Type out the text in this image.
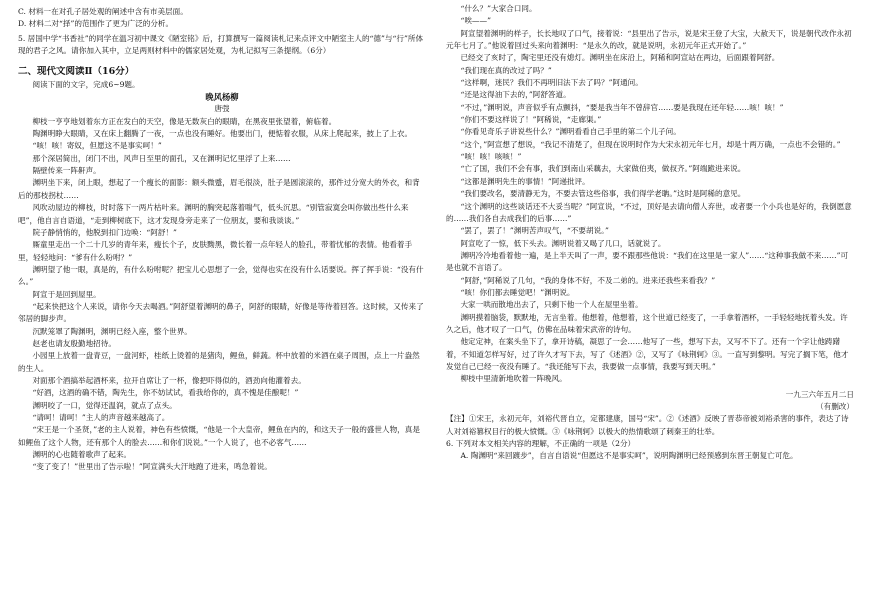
C. 材料一在对孔子居处观的阐述中含有市美层面。
D. 材料二对“择”的范围作了更为广泛的分析。
5. 居国中学“书香社”的同学在温习初中课文《陋室铭》后，打算撰写一篇阅读札记来点评文中陋室主人的“德”与“行”所体现的君子之风。请你加入其中，立足两则材料中的儒家居处观，为札记拟写三条提纲。（6分）
二、现代文阅读Ⅱ（16分）
阅读下面的文字，完成6~9题。
晚风杨柳
唐弢
柳枝一亨亨地划着东方正在发白的天空，像是无数灰白的眼睛，在黑夜里张望着，俯临着。
陶渊明睁大眼睛，又在床上翻腾了一夜，一点也没有睡好。他要出门，便惦着衣服，从床上爬起来，披上了上衣。
“咳！咳！寄奴，但愿这不是事实呵！”
那个深居简出，闭门不出，风声日至里的面孔，又在渊明记忆里浮了上来……
隔壁传来一阵鼾声。
渊明坐下来，闭上眼，想起了一个瘦长的面影：额头微蹙，眉毛很淡，肚子是圆滚滚的，那件过分宽大的外衣，和背后的那枝拐杖……
风吹动屋边的柳枝，时时落下一两片枯叶来。渊明的胸突起落着喘气，低头沉思。“别管寂寞会叫你做出些什么来吧”，他自言自语道，“走到柳树底下，这才发现身旁走来了一位朋友，要和我谈谈。”
院子静悄悄的，他脱到扣门边唤：“阿舒！”
厮童里走出一个二十几岁的青年来，瘦长个子，皮肤黝黑，微长着一点年轻人的脸孔，带着忧郁的表情。他看着手里，轻轻地问：“爹有什么吩咐？”
渊明望了他一眼，真是的，有什么吩咐呢？把宝儿心思想了一会，觉得也实在没有什么话要说。挥了挥手说：“没有什么。”
阿宣于是回到屋里。
“起来快把这个人来说，请你今天去喝酒。”阿舒望着渊明的鼻子，阿舒的眼睛，好像是等待着回答。这时候，又传来了邻居的脚步声。
沉默笼罩了陶渊明，渊明已经入座，整个世界。
赵老也请友殷勤地招待。
小园里上放着一盘青豆，一盘河虾，桂纸上烫着的是猪肉，鲤鱼，鲜蔬。杯中放着的米酒在桌子周围，点上一片盎然的生人。
对面那个酒搞举起酒杯来，拉开自席让了一杯，像把吓得似的，酒劲向他灌着去。
“好酒，这酒的确不错，陶先生，你不妨试试，看我给你的，真不愧是佳酿呢！”
渊明咬了一口，觉得还温润，就点了点头。
“请呵！请呵！”主人的声音越来越高了。
“宋王是一个圣贤，”老的主人说着，神色有些愤慨，“他是一个大皇帝，鲤鱼在内的，和这天子一般的盛世人物，真是如鲤鱼了这个人物，还有那个人的脸去……和你们说说。”一个人说了，也不必客气……
渊明的心也随着歌声了起来。
“变了变了！”世里出了告示啦！”阿宣满头大汗地跑了进来，鸣急着说。
“什么？”大家合口同。
“唉——”
阿宣望着渊明的样子，长长地叹了口气，接着说：“县里出了告示，说是宋王登了大宝，大赦天下，说是朝代改作永初元年七月了。”他说着回过头来向着渊明：“是永久的改，就是说明，永初元年正式开始了。”
已经交了亥时了，陶宅里还没有熄灯。渊明坐在床沿上，阿稀和阿宣站在两边，后面跟着阿舒。
“我们现在真的改过了吗？”
“这样啊，迷民？我们不再明旧法下去了吗？”阿通问。
“还是这得油下去的，”阿舒答道。
“不过，”渊明说，声音似乎有点颤抖，“要是我当年不曾辞官……要是我现在还年轻……咳！咳！”
“你们不要这样说了！”阿稀说，“走廊渠。”
“你看见奇乐子讲说些什么？”渊明看看自己手里的第二个儿子问。
“这个，”阿宣想了想说，“我记不清楚了，但现在说明时作为大宋永初元年七月，却是十两万确，一点也不会错的。”
“咳！咳！咳咳！”
“亡了国，我们不会有事，我们到南山采藕去，大家做伯夷，做叔齐。”阿端跪进来说。
“这都是渊明先生的事情！”阿递批评。
“我们要改名，要清静无为，不要去管这些俗事，我们得学老聃。”这时是阿稀的意见。
“这个渊明的这些谈话还不大妥当呢？”阿宣说，“不过，顶好是去请向僧人弃世，或者要一个小兵也是好的，我倒愿意的……我们各自去成我们的后事……”
“罢了，罢了！”渊明苦声叹气，“不要胡说。”
阿宣吃了一惊，低下头去。渊明说着又喝了几口，话就说了。
渊明冷冷地看着他一遍，是上半天叫了一声，要不跟那些他说：“我们在这里是一家人”……“这种事我做不来……”可是也就不言语了。
“阿舒，”阿稀说了几句，“我的身体不好，不及二弟的。进来还我些来看我？”
“咳！你们都去睡觉吧！”渊明说。
大家一哄而散地出去了，只剩下他一个人在屋里坐着。
渊明摸着脑袋，默默地，无言坐着。他想着，他想着，这个世道已经变了，一手拿着酒杯，一手轻轻地抚着头发。许久之后，他才叹了一口气，仿佛在品味着宋武帝的诗句。
他定定神，在案头坐下了，拿开诗稿，凝思了一会……他写了一些，想写下去，又写不下了。还有一个字让他踌躇着，不知道怎样写好，过了许久才写下去，写了《述酒》②，又写了《咏荆轲》③。一直写到黎明。写完了搁下笔，他才发觉自己已经一夜没有睡了。“我还能写下去，我要做一点事情，我要写到天明。”
柳枝中里清新地吹着一阵晚风。
一九三六年五月二日
（有删改）
【注】①宋王，永初元年，刘裕代晋自立，定都建康，国号“宋”。②《述酒》反映了晋恭帝被刘裕杀害的事件，表达了诗人对刘裕篡权目行的极大愤慨。③《咏荆轲》以极大的热情歌颂了刺秦王的壮举。
6. 下列对本文相关内容的理解，不正确的一项是（2分）
A. 陶渊明“来回踱步”，自言自语说“但愿这不是事实呵”，说明陶渊明已经预感到东晋王朝复亡可危。
